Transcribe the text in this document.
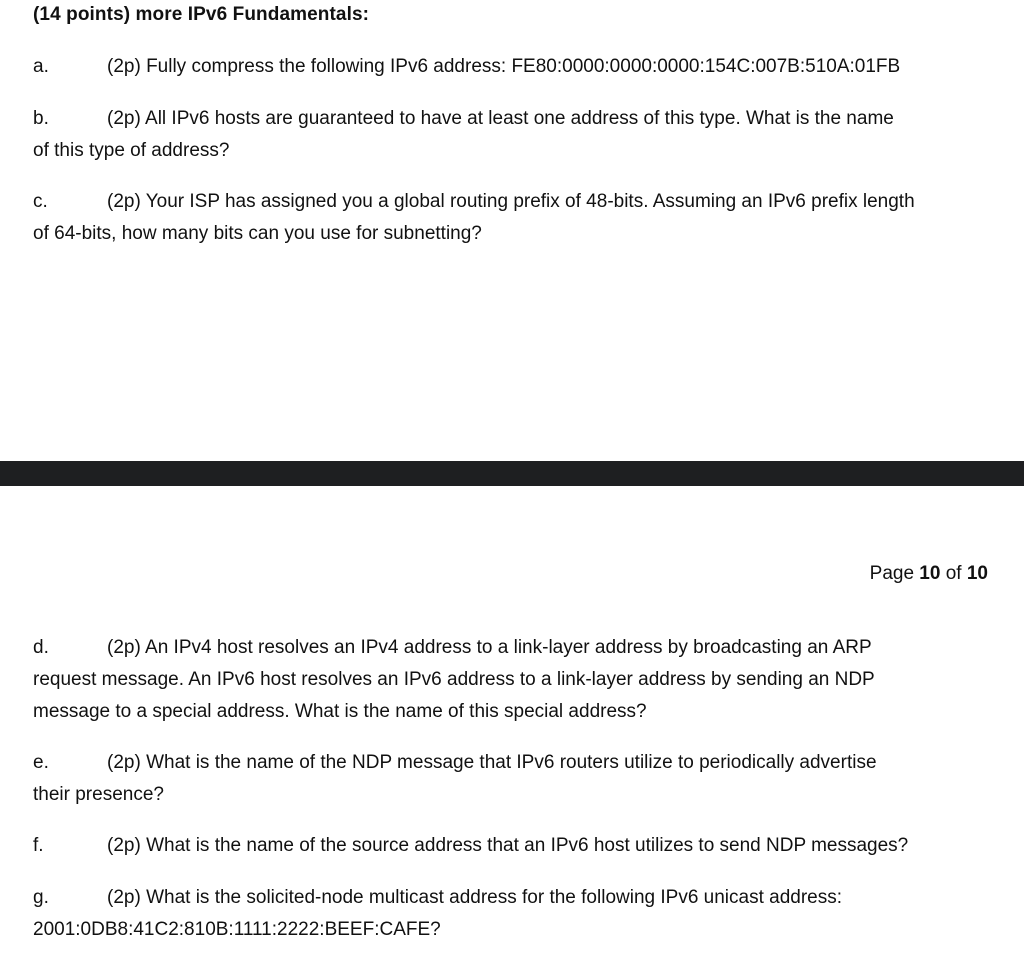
(14 points) more IPv6 Fundamentals:
a.	(2p) Fully compress the following IPv6 address: FE80:0000:0000:0000:154C:007B:510A:01FB
b.	(2p) All IPv6 hosts are guaranteed to have at least one address of this type. What is the name
of this type of address?
c.	(2p) Your ISP has assigned you a global routing prefix of 48-bits. Assuming an IPv6 prefix length
of 64-bits, how many bits can you use for subnetting?
Page 10 of 10
d.	(2p) An IPv4 host resolves an IPv4 address to a link-layer address by broadcasting an ARP
request message. An IPv6 host resolves an IPv6 address to a link-layer address by sending an NDP
message to a special address. What is the name of this special address?
e.	(2p) What is the name of the NDP message that IPv6 routers utilize to periodically advertise
their presence?
f.	(2p) What is the name of the source address that an IPv6 host utilizes to send NDP messages?
g.	(2p) What is the solicited-node multicast address for the following IPv6 unicast address:
2001:0DB8:41C2:810B:1111:2222:BEEF:CAFE?
